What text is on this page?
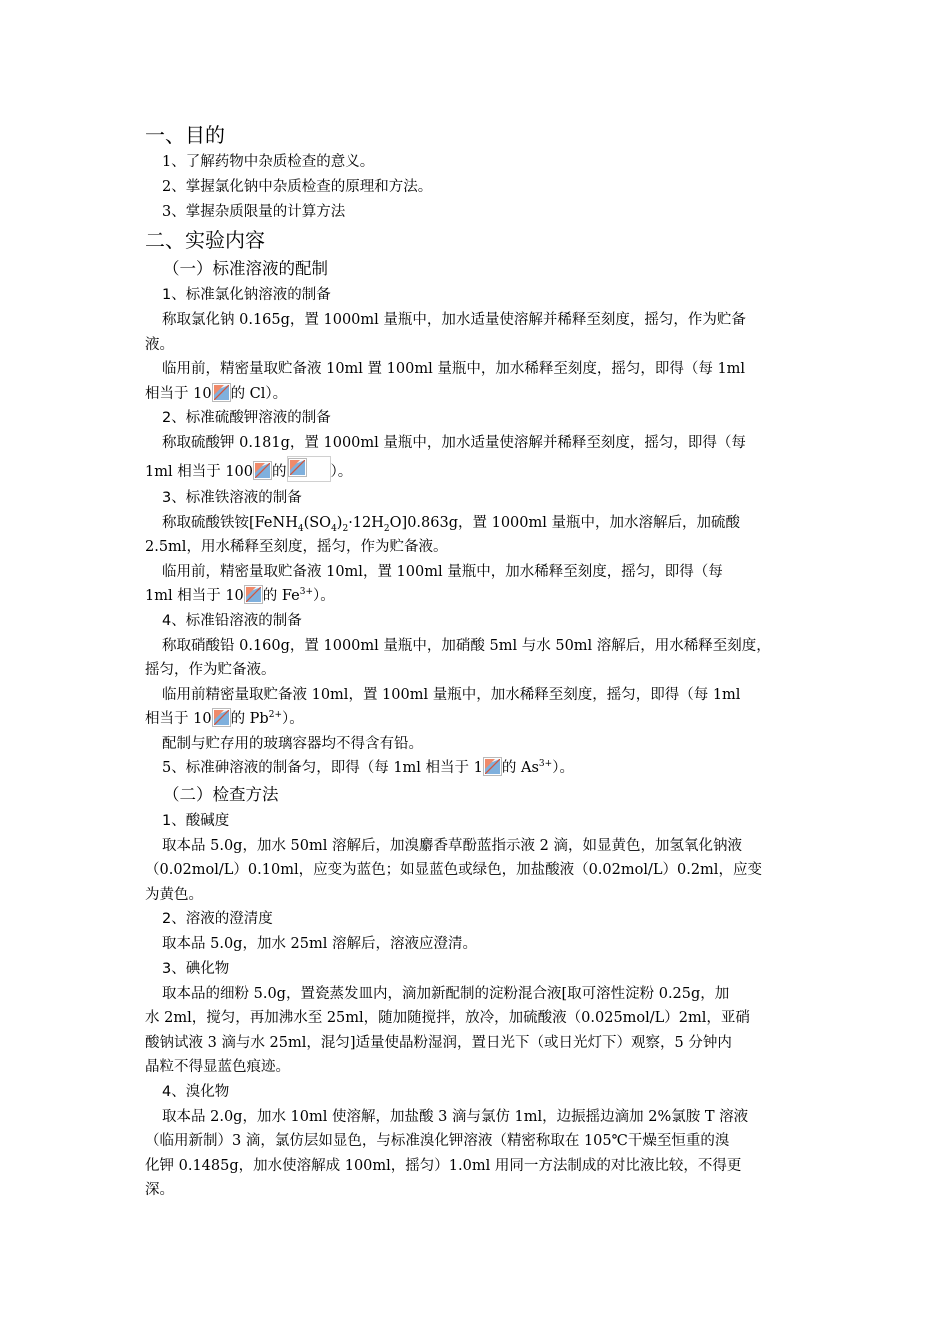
一、目的
1、了解药物中杂质检查的意义。
2、掌握氯化钠中杂质检查的原理和方法。
3、掌握杂质限量的计算方法
二、实验内容
（一）标准溶液的配制
1、标准氯化钠溶液的制备
称取氯化钠 0.165g，置 1000ml 量瓶中，加水适量使溶解并稀释至刻度，摇匀，作为贮备
液。
临用前，精密量取贮备液 10ml 置 100ml 量瓶中，加水稀释至刻度，摇匀，即得（每 1ml
相当于 10 的 Cl）。
2、标准硫酸钾溶液的制备
称取硫酸钾 0.181g，置 1000ml 量瓶中，加水适量使溶解并稀释至刻度，摇匀，即得（每
1ml 相当于 100 的	）。
3、标准铁溶液的制备
称取硫酸铁铵$[FeNH_4(SO_4)_2\cdot 12H_2O]0.863g$，置 1000ml 量瓶中，加水溶解后，加硫酸
2.5ml，用水稀释至刻度，摇匀，作为贮备液。
临用前，精密量取贮备液 10ml，置 100ml 量瓶中，加水稀释至刻度，摇匀，即得（每
1ml 相当于 10 的 $Fe^{3+}$）。
4、标准铅溶液的制备
称取硝酸铅 0.160g，置 1000ml 量瓶中，加硝酸 5ml 与水 50ml 溶解后，用水稀释至刻度，
摇匀，作为贮备液。
临用前精密量取贮备液 10ml，置 100ml 量瓶中，加水稀释至刻度，摇匀，即得（每 1ml
相当于 10 的 $Pb^{2+}$）。
配制与贮存用的玻璃容器均不得含有铅。
5、标准砷溶液的制备匀，即得（每 1ml 相当于 1 的 $As^{3+}$）。
（二）检查方法
1、酸碱度
取本品 5.0g，加水 50ml 溶解后，加溴麝香草酚蓝指示液 2 滴，如显黄色，加氢氧化钠液
（0.02mol/L）0.10ml，应变为蓝色；如显蓝色或绿色，加盐酸液（0.02mol/L）0.2ml，应变
为黄色。
2、溶液的澄清度
取本品 5.0g，加水 25ml 溶解后，溶液应澄清。
3、碘化物
取本品的细粉 5.0g，置瓷蒸发皿内，滴加新配制的淀粉混合液[取可溶性淀粉 0.25g，加
水 2ml，搅匀，再加沸水至 25ml，随加随搅拌，放冷，加硫酸液（0.025mol/L）2ml，亚硝
酸钠试液 3 滴与水 25ml，混匀]适量使晶粉湿润，置日光下（或日光灯下）观察，5 分钟内
晶粒不得显蓝色痕迹。
4、溴化物
取本品 2.0g，加水 10ml 使溶解，加盐酸 3 滴与氯仿 1ml，边振摇边滴加 2%氯胺 T 溶液
（临用新制）3 滴，氯仿层如显色，与标准溴化钾溶液（精密称取在 105℃干燥至恒重的溴
化钾 0.1485g，加水使溶解成 100ml，摇匀）1.0ml 用同一方法制成的对比液比较，不得更
深。
